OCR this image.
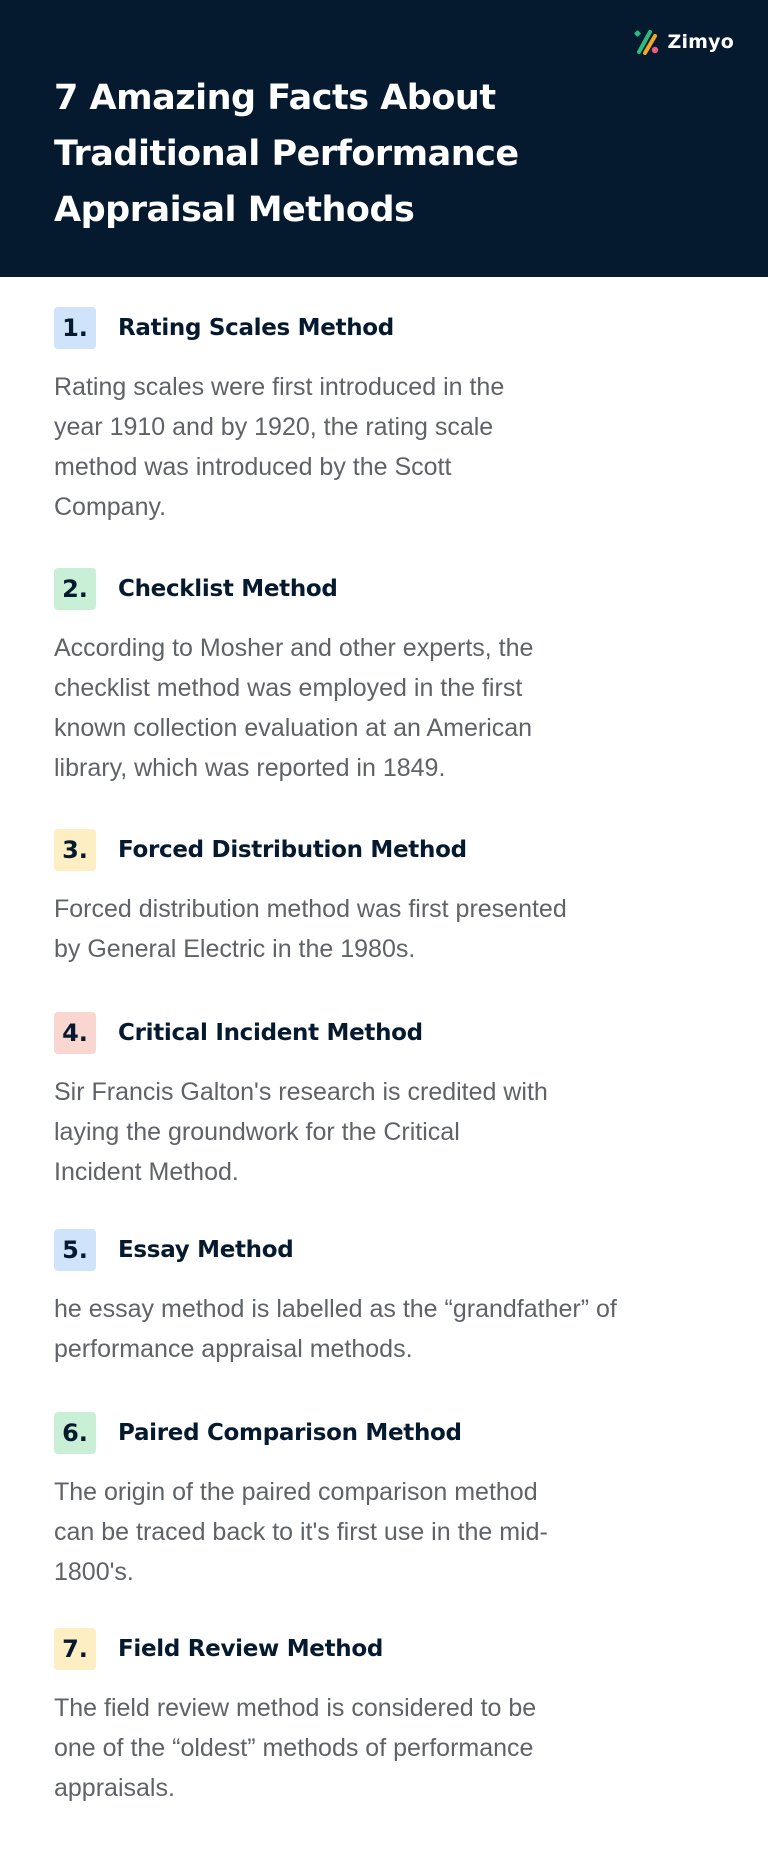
Zimyo
7 Amazing Facts About Traditional Performance Appraisal Methods
1.	Rating Scales Method

Rating scales were first introduced in the year 1910 and by 1920, the rating scale method was introduced by the Scott Company.

2.	Checklist Method

According to Mosher and other experts, the checklist method was employed in the first known collection evaluation at an American library, which was reported in 1849.

3.	Forced Distribution Method

Forced distribution method was first presented by General Electric in the 1980s.

4.	Critical Incident Method

Sir Francis Galton's research is credited with laying the groundwork for the Critical Incident Method.

5.	Essay Method

he essay method is labelled as the “grandfather” of performance appraisal methods.

6.	Paired Comparison Method

The origin of the paired comparison method can be traced back to it's first use in the mid-1800's.

7.	Field Review Method

The field review method is considered to be one of the “oldest” methods of performance appraisals.
